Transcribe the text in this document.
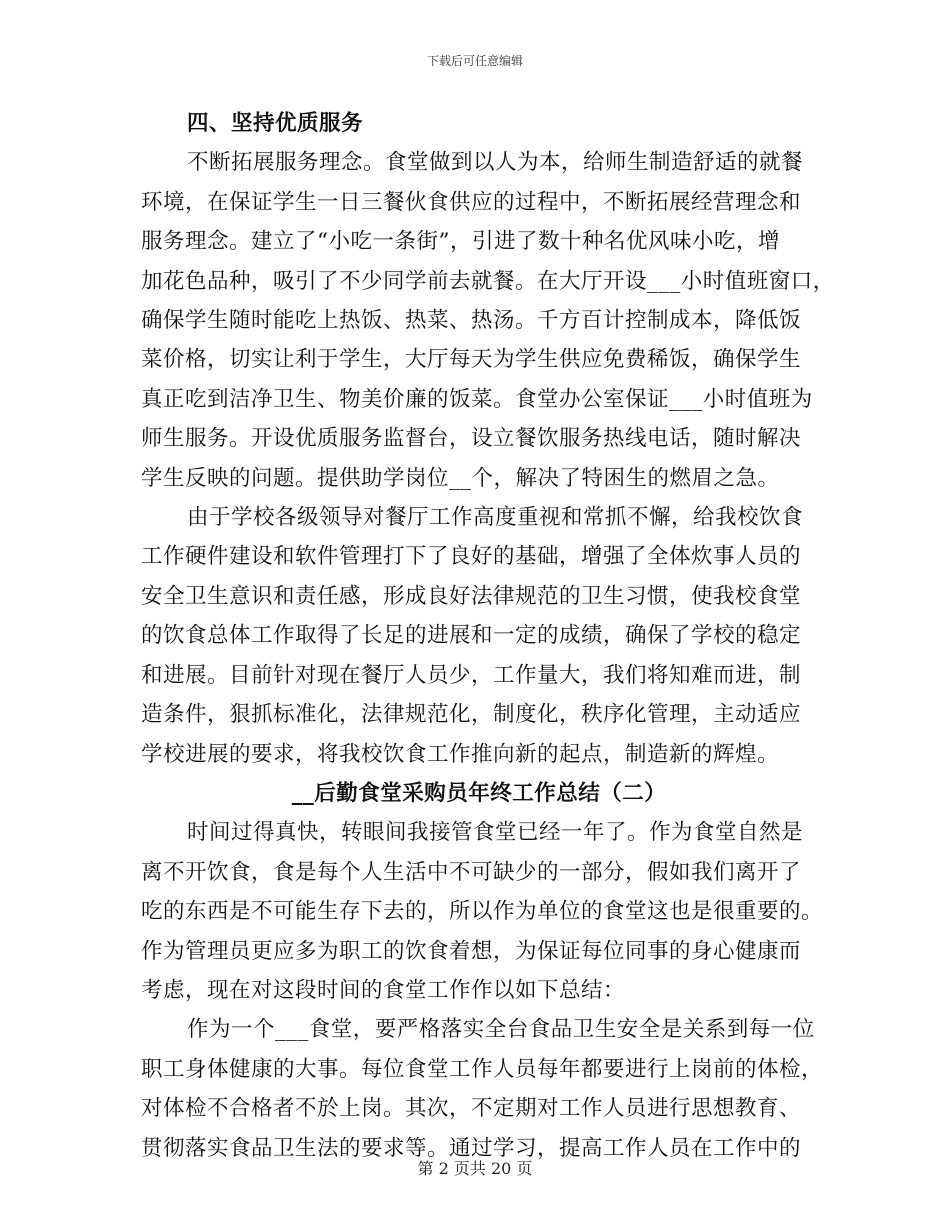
下载后可任意编辑
四、坚持优质服务
不断拓展服务理念。食堂做到以人为本，给师生制造舒适的就餐
环境，在保证学生一日三餐伙食供应的过程中，不断拓展经营理念和
服务理念。建立了“小吃一条街”，引进了数十种名优风味小吃，增
加花色品种，吸引了不少同学前去就餐。在大厅开设___小时值班窗口，
确保学生随时能吃上热饭、热菜、热汤。千方百计控制成本，降低饭
菜价格，切实让利于学生，大厅每天为学生供应免费稀饭，确保学生
真正吃到洁净卫生、物美价廉的饭菜。食堂办公室保证___小时值班为
师生服务。开设优质服务监督台，设立餐饮服务热线电话，随时解决
学生反映的问题。提供助学岗位__个，解决了特困生的燃眉之急。
由于学校各级领导对餐厅工作高度重视和常抓不懈，给我校饮食
工作硬件建设和软件管理打下了良好的基础，增强了全体炊事人员的
安全卫生意识和责任感，形成良好法律规范的卫生习惯，使我校食堂
的饮食总体工作取得了长足的进展和一定的成绩，确保了学校的稳定
和进展。目前针对现在餐厅人员少，工作量大，我们将知难而进，制
造条件，狠抓标准化，法律规范化，制度化，秩序化管理，主动适应
学校进展的要求，将我校饮食工作推向新的起点，制造新的辉煌。
__后勤食堂采购员年终工作总结（二）
时间过得真快，转眼间我接管食堂已经一年了。作为食堂自然是
离不开饮食，食是每个人生活中不可缺少的一部分，假如我们离开了
吃的东西是不可能生存下去的，所以作为单位的食堂这也是很重要的。
作为管理员更应多为职工的饮食着想，为保证每位同事的身心健康而
考虑，现在对这段时间的食堂工作作以如下总结：
作为一个___食堂，要严格落实全台食品卫生安全是关系到每一位
职工身体健康的大事。每位食堂工作人员每年都要进行上岗前的体检，
对体检不合格者不於上岗。其次，不定期对工作人员进行思想教育、
贯彻落实食品卫生法的要求等。通过学习，提高工作人员在工作中的
第 2 页共 20 页
